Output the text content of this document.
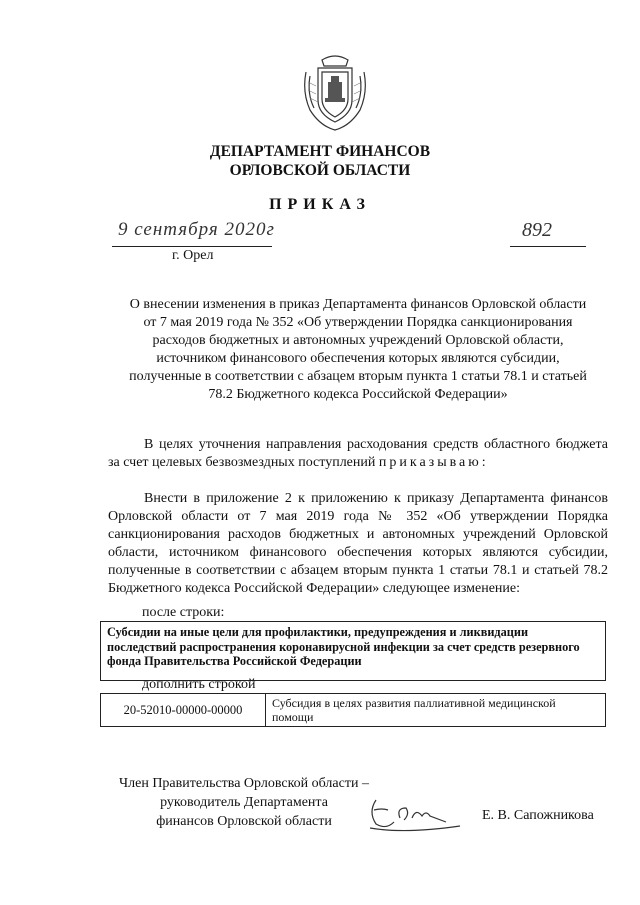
ДЕПАРТАМЕНТ ФИНАНСОВ
ОРЛОВСКОЙ ОБЛАСТИ
ПРИКАЗ
9 сентября 2020г	892
г. Орел
О внесении изменения в приказ Департамента финансов Орловской области
от 7 мая 2019 года № 352 «Об утверждении Порядка санкционирования
расходов бюджетных и автономных учреждений Орловской области,
источником финансового обеспечения которых являются субсидии,
полученные в соответствии с абзацем вторым пункта 1 статьи 78.1 и статьей
78.2 Бюджетного кодекса Российской Федерации»
В целях уточнения направления расходования средств областного бюджета за счет целевых безвозмездных поступлений приказываю:
Внести в приложение 2 к приложению к приказу Департамента финансов Орловской области от 7 мая 2019 года № 352 «Об утверждении Порядка санкционирования расходов бюджетных и автономных учреждений Орловской области, источником финансового обеспечения которых являются субсидии, полученные в соответствии с абзацем вторым пункта 1 статьи 78.1 и статьей 78.2 Бюджетного кодекса Российской Федерации» следующее изменение:
после строки:
Субсидии на иные цели для профилактики, предупреждения и ликвидации последствий распространения коронавирусной инфекции за счет средств резервного фонда Правительства Российской Федерации
дополнить строкой
20-52010-00000-00000	Субсидия в целях развития паллиативной медицинской помощи
Член Правительства Орловской области –
руководитель Департамента
финансов Орловской области	Е. В. Сапожникова
